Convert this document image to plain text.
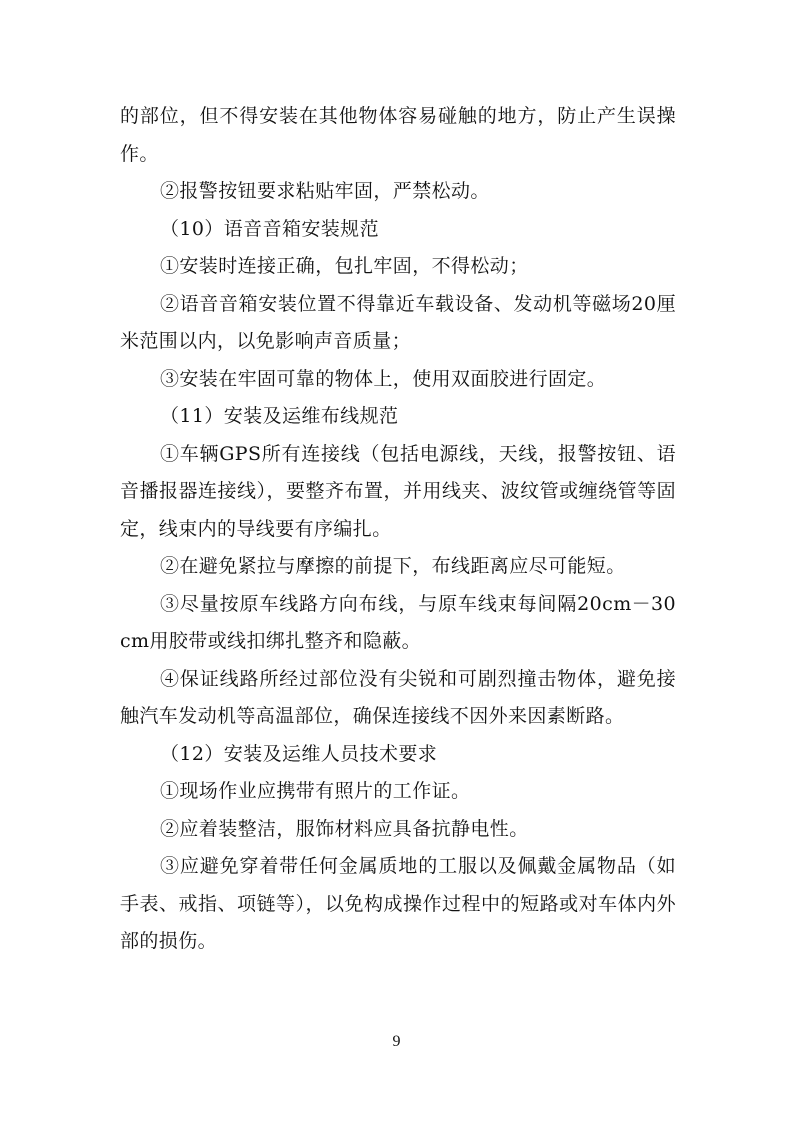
的部位，但不得安装在其他物体容易碰触的地方，防止产生误操作。

②报警按钮要求粘贴牢固，严禁松动。

（10）语音音箱安装规范

①安装时连接正确，包扎牢固，不得松动；

②语音音箱安装位置不得靠近车载设备、发动机等磁场20厘米范围以内，以免影响声音质量；

③安装在牢固可靠的物体上，使用双面胶进行固定。

（11）安装及运维布线规范

①车辆GPS所有连接线（包括电源线，天线，报警按钮、语音播报器连接线），要整齐布置，并用线夹、波纹管或缠绕管等固定，线束内的导线要有序编扎。

②在避免紧拉与摩擦的前提下，布线距离应尽可能短。

③尽量按原车线路方向布线，与原车线束每间隔20cm－30cm用胶带或线扣绑扎整齐和隐蔽。

④保证线路所经过部位没有尖锐和可剧烈撞击物体，避免接触汽车发动机等高温部位，确保连接线不因外来因素断路。

（12）安装及运维人员技术要求

①现场作业应携带有照片的工作证。

②应着装整洁，服饰材料应具备抗静电性。

③应避免穿着带任何金属质地的工服以及佩戴金属物品（如手表、戒指、项链等），以免构成操作过程中的短路或对车体内外部的损伤。

9
